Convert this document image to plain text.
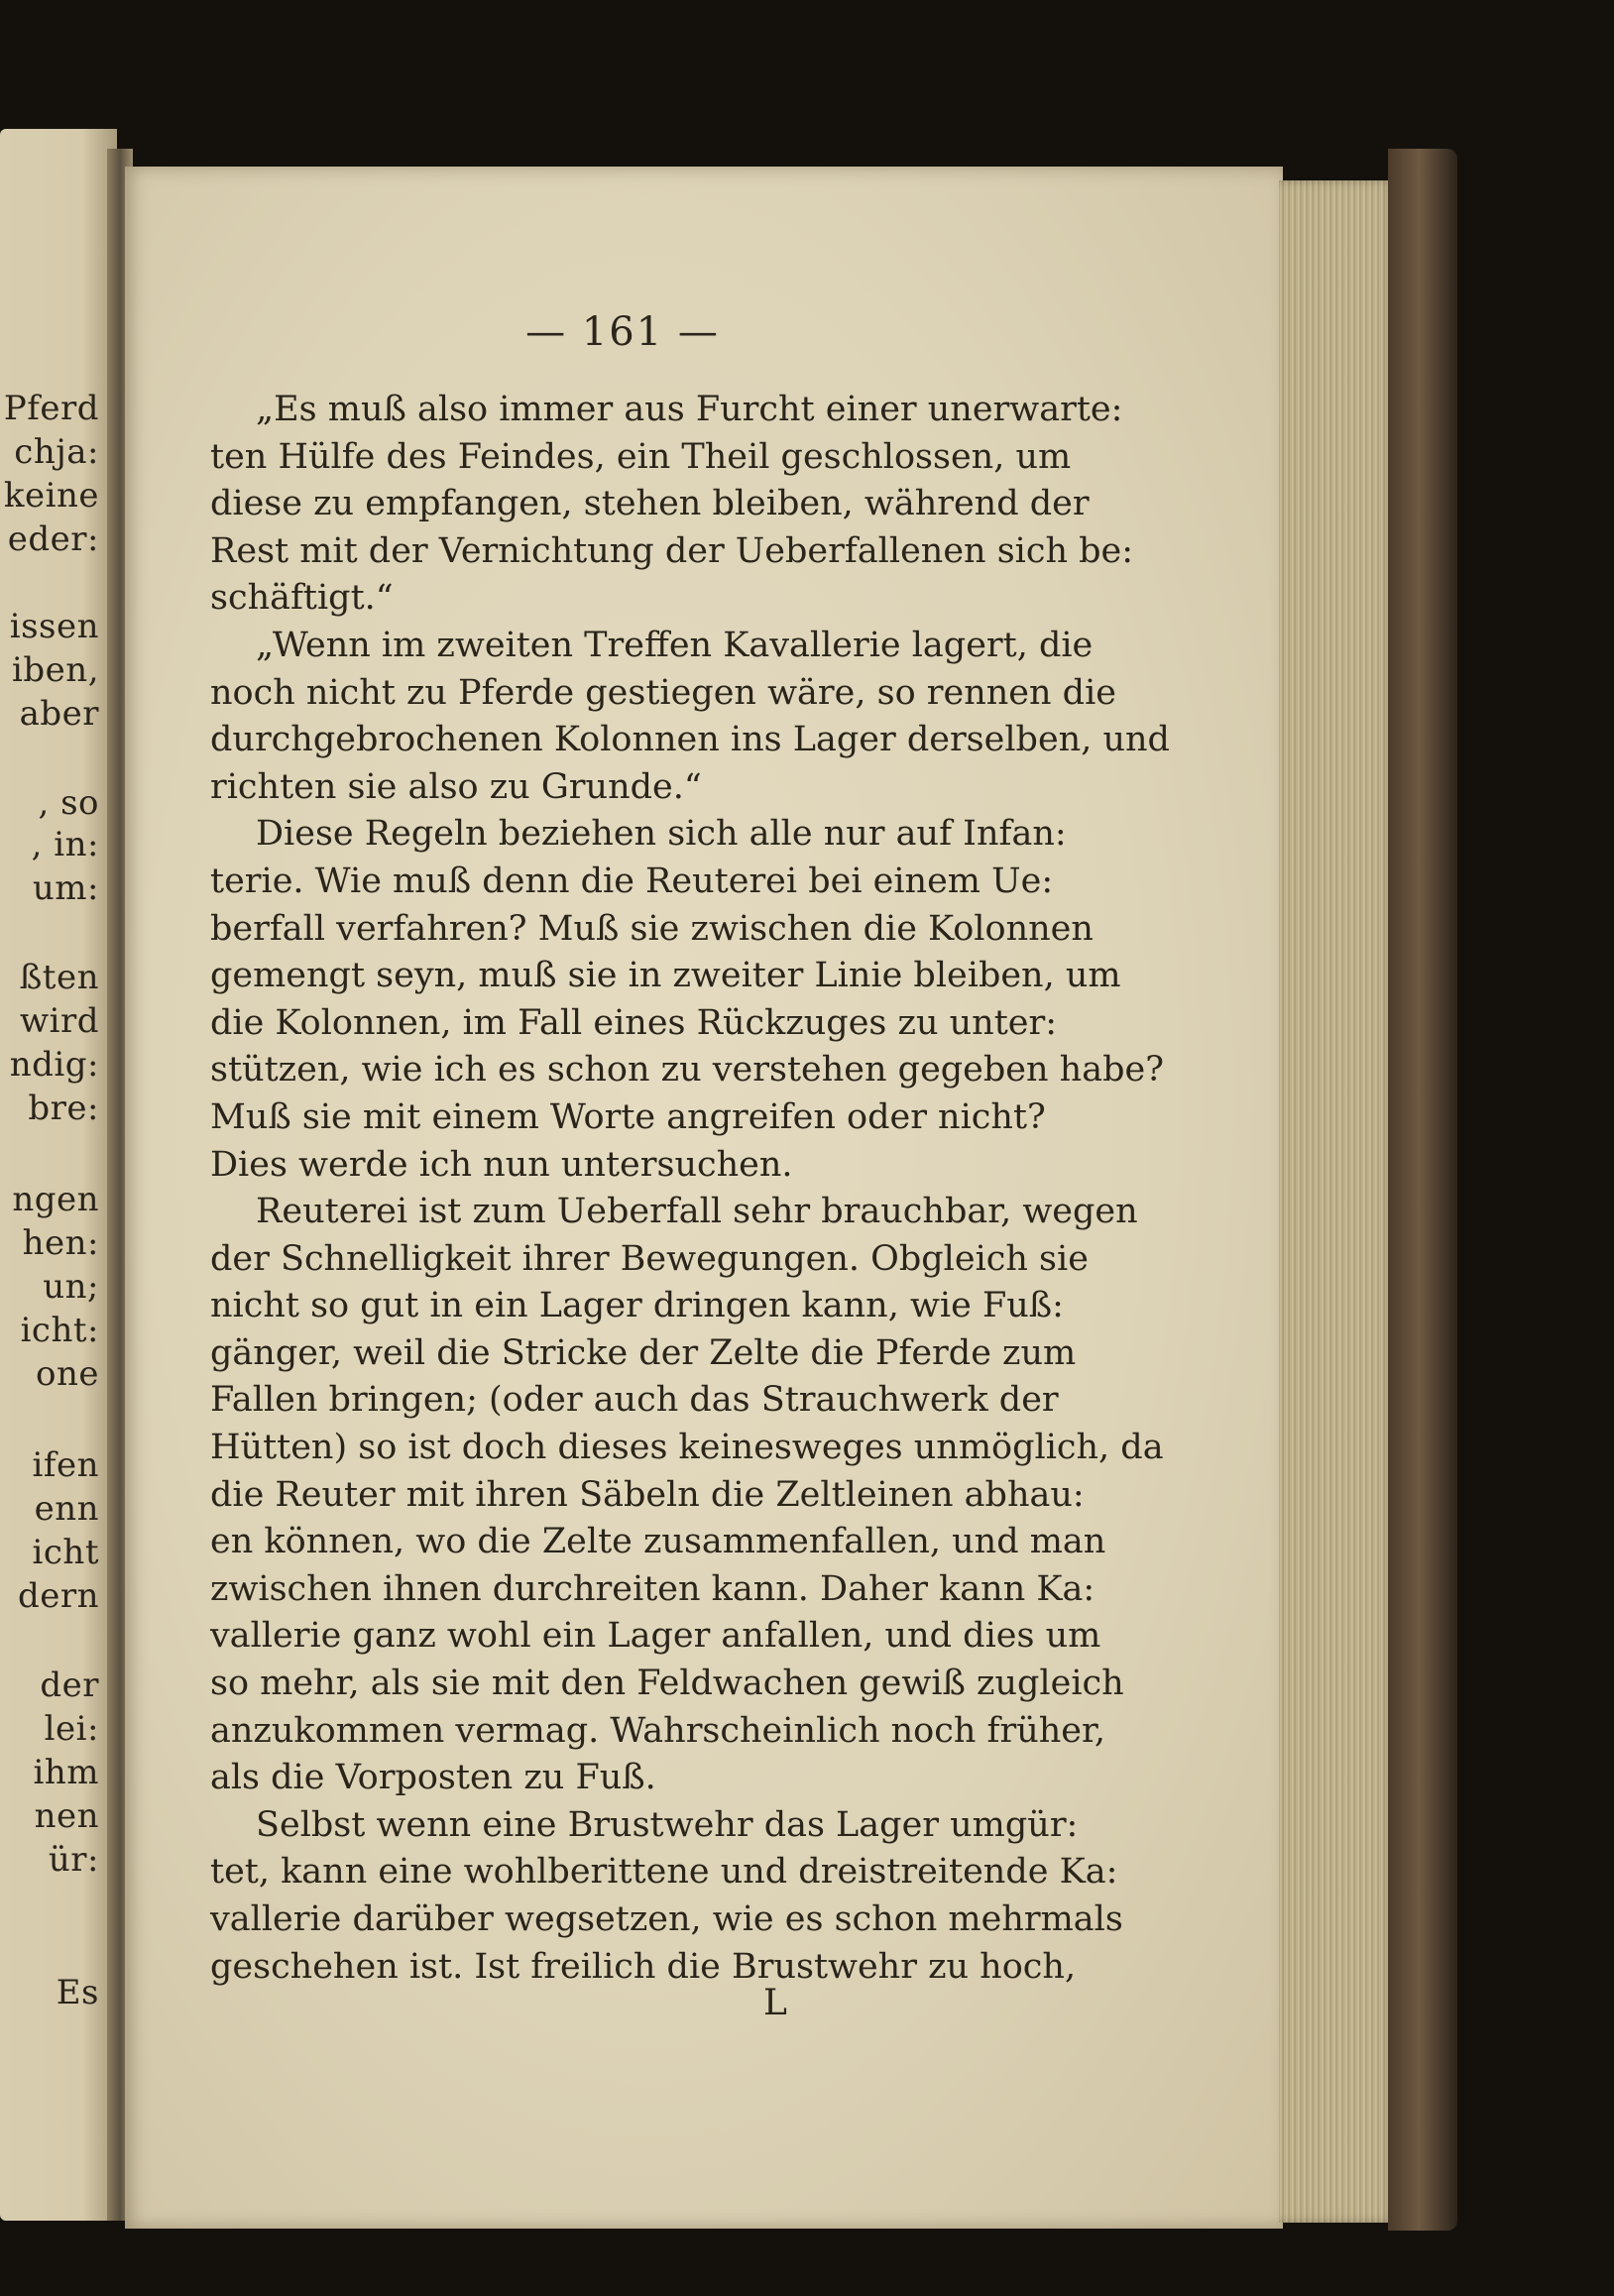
— 161 —
„Es muß also immer aus Furcht einer unerwarte:
ten Hülfe des Feindes, ein Theil geschlossen, um
diese zu empfangen, stehen bleiben, während der
Rest mit der Vernichtung der Ueberfallenen sich be:
schäftigt.“
„Wenn im zweiten Treffen Kavallerie lagert, die
noch nicht zu Pferde gestiegen wäre, so rennen die
durchgebrochenen Kolonnen ins Lager derselben, und
richten sie also zu Grunde.“
Diese Regeln beziehen sich alle nur auf Infan:
terie. Wie muß denn die Reuterei bei einem Ue:
berfall verfahren? Muß sie zwischen die Kolonnen
gemengt seyn, muß sie in zweiter Linie bleiben, um
die Kolonnen, im Fall eines Rückzuges zu unter:
stützen, wie ich es schon zu verstehen gegeben habe?
Muß sie mit einem Worte angreifen oder nicht?
Dies werde ich nun untersuchen.
Reuterei ist zum Ueberfall sehr brauchbar, wegen
der Schnelligkeit ihrer Bewegungen. Obgleich sie
nicht so gut in ein Lager dringen kann, wie Fuß:
gänger, weil die Stricke der Zelte die Pferde zum
Fallen bringen; (oder auch das Strauchwerk der
Hütten) so ist doch dieses keinesweges unmöglich, da
die Reuter mit ihren Säbeln die Zeltleinen abhau:
en können, wo die Zelte zusammenfallen, und man
zwischen ihnen durchreiten kann. Daher kann Ka:
vallerie ganz wohl ein Lager anfallen, und dies um
so mehr, als sie mit den Feldwachen gewiß zugleich
anzukommen vermag. Wahrscheinlich noch früher,
als die Vorposten zu Fuß.
Selbst wenn eine Brustwehr das Lager umgür:
tet, kann eine wohlberittene und dreistreitende Ka:
vallerie darüber wegsetzen, wie es schon mehrmals
geschehen ist. Ist freilich die Brustwehr zu hoch,
L
Pferd
chja:
keine
eder:
issen
iben,
aber
, so
, in:
um:
ßten
wird
ndig:
bre:
ngen
hen:
un;
icht:
one
ifen
enn
icht
dern
der
lei:
ihm
nen
ür:
Es
